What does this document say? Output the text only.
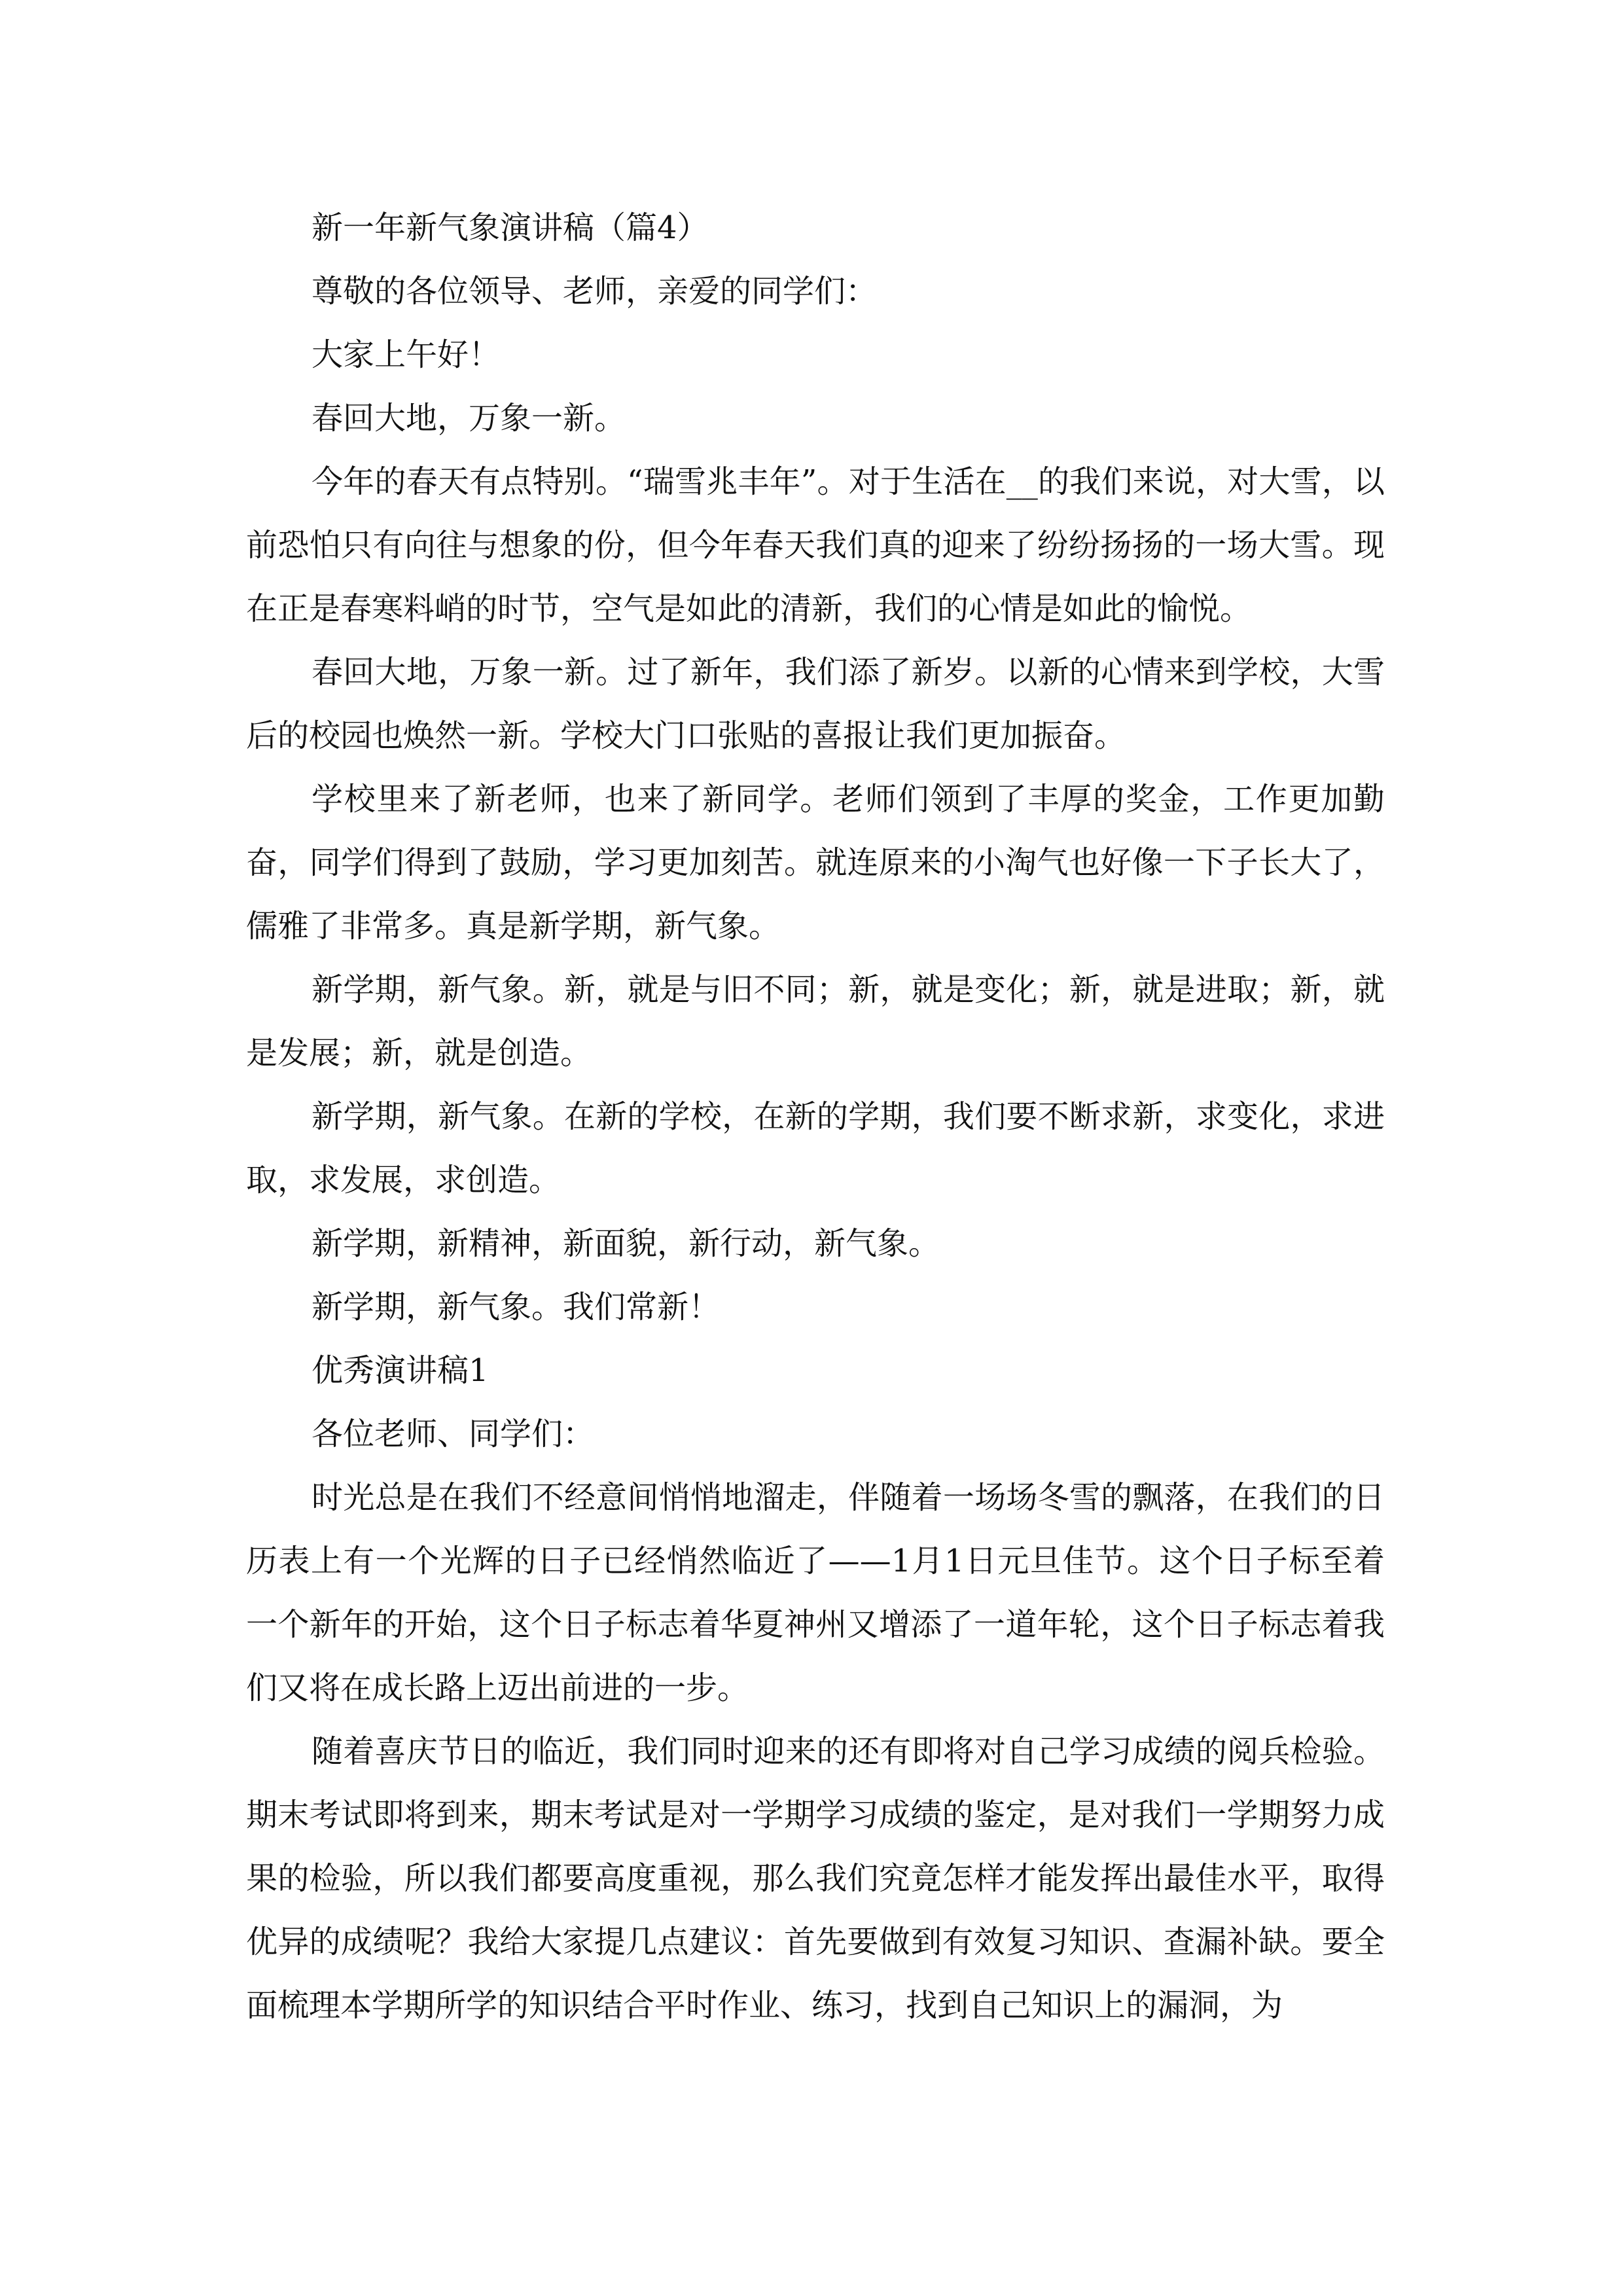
新一年新气象演讲稿（篇4）

尊敬的各位领导、老师，亲爱的同学们：

大家上午好！

春回大地，万象一新。

今年的春天有点特别。“瑞雪兆丰年”。对于生活在__的我们来说，对大雪，以前恐怕只有向往与想象的份，但今年春天我们真的迎来了纷纷扬扬的一场大雪。现在正是春寒料峭的时节，空气是如此的清新，我们的心情是如此的愉悦。

春回大地，万象一新。过了新年，我们添了新岁。以新的心情来到学校，大雪后的校园也焕然一新。学校大门口张贴的喜报让我们更加振奋。

学校里来了新老师，也来了新同学。老师们领到了丰厚的奖金，工作更加勤奋，同学们得到了鼓励，学习更加刻苦。就连原来的小淘气也好像一下子长大了，儒雅了非常多。真是新学期，新气象。

新学期，新气象。新，就是与旧不同；新，就是变化；新，就是进取；新，就是发展；新，就是创造。

新学期，新气象。在新的学校，在新的学期，我们要不断求新，求变化，求进取，求发展，求创造。

新学期，新精神，新面貌，新行动，新气象。

新学期，新气象。我们常新！

优秀演讲稿1

各位老师、同学们：

时光总是在我们不经意间悄悄地溜走，伴随着一场场冬雪的飘落，在我们的日历表上有一个光辉的日子已经悄然临近了——1月1日元旦佳节。这个日子标至着一个新年的开始，这个日子标志着华夏神州又增添了一道年轮，这个日子标志着我们又将在成长路上迈出前进的一步。

随着喜庆节日的临近，我们同时迎来的还有即将对自己学习成绩的阅兵检验。期末考试即将到来，期末考试是对一学期学习成绩的鉴定，是对我们一学期努力成果的检验，所以我们都要高度重视，那么我们究竟怎样才能发挥出最佳水平，取得优异的成绩呢？我给大家提几点建议：首先要做到有效复习知识、查漏补缺。要全面梳理本学期所学的知识结合平时作业、练习，找到自己知识上的漏洞，为
